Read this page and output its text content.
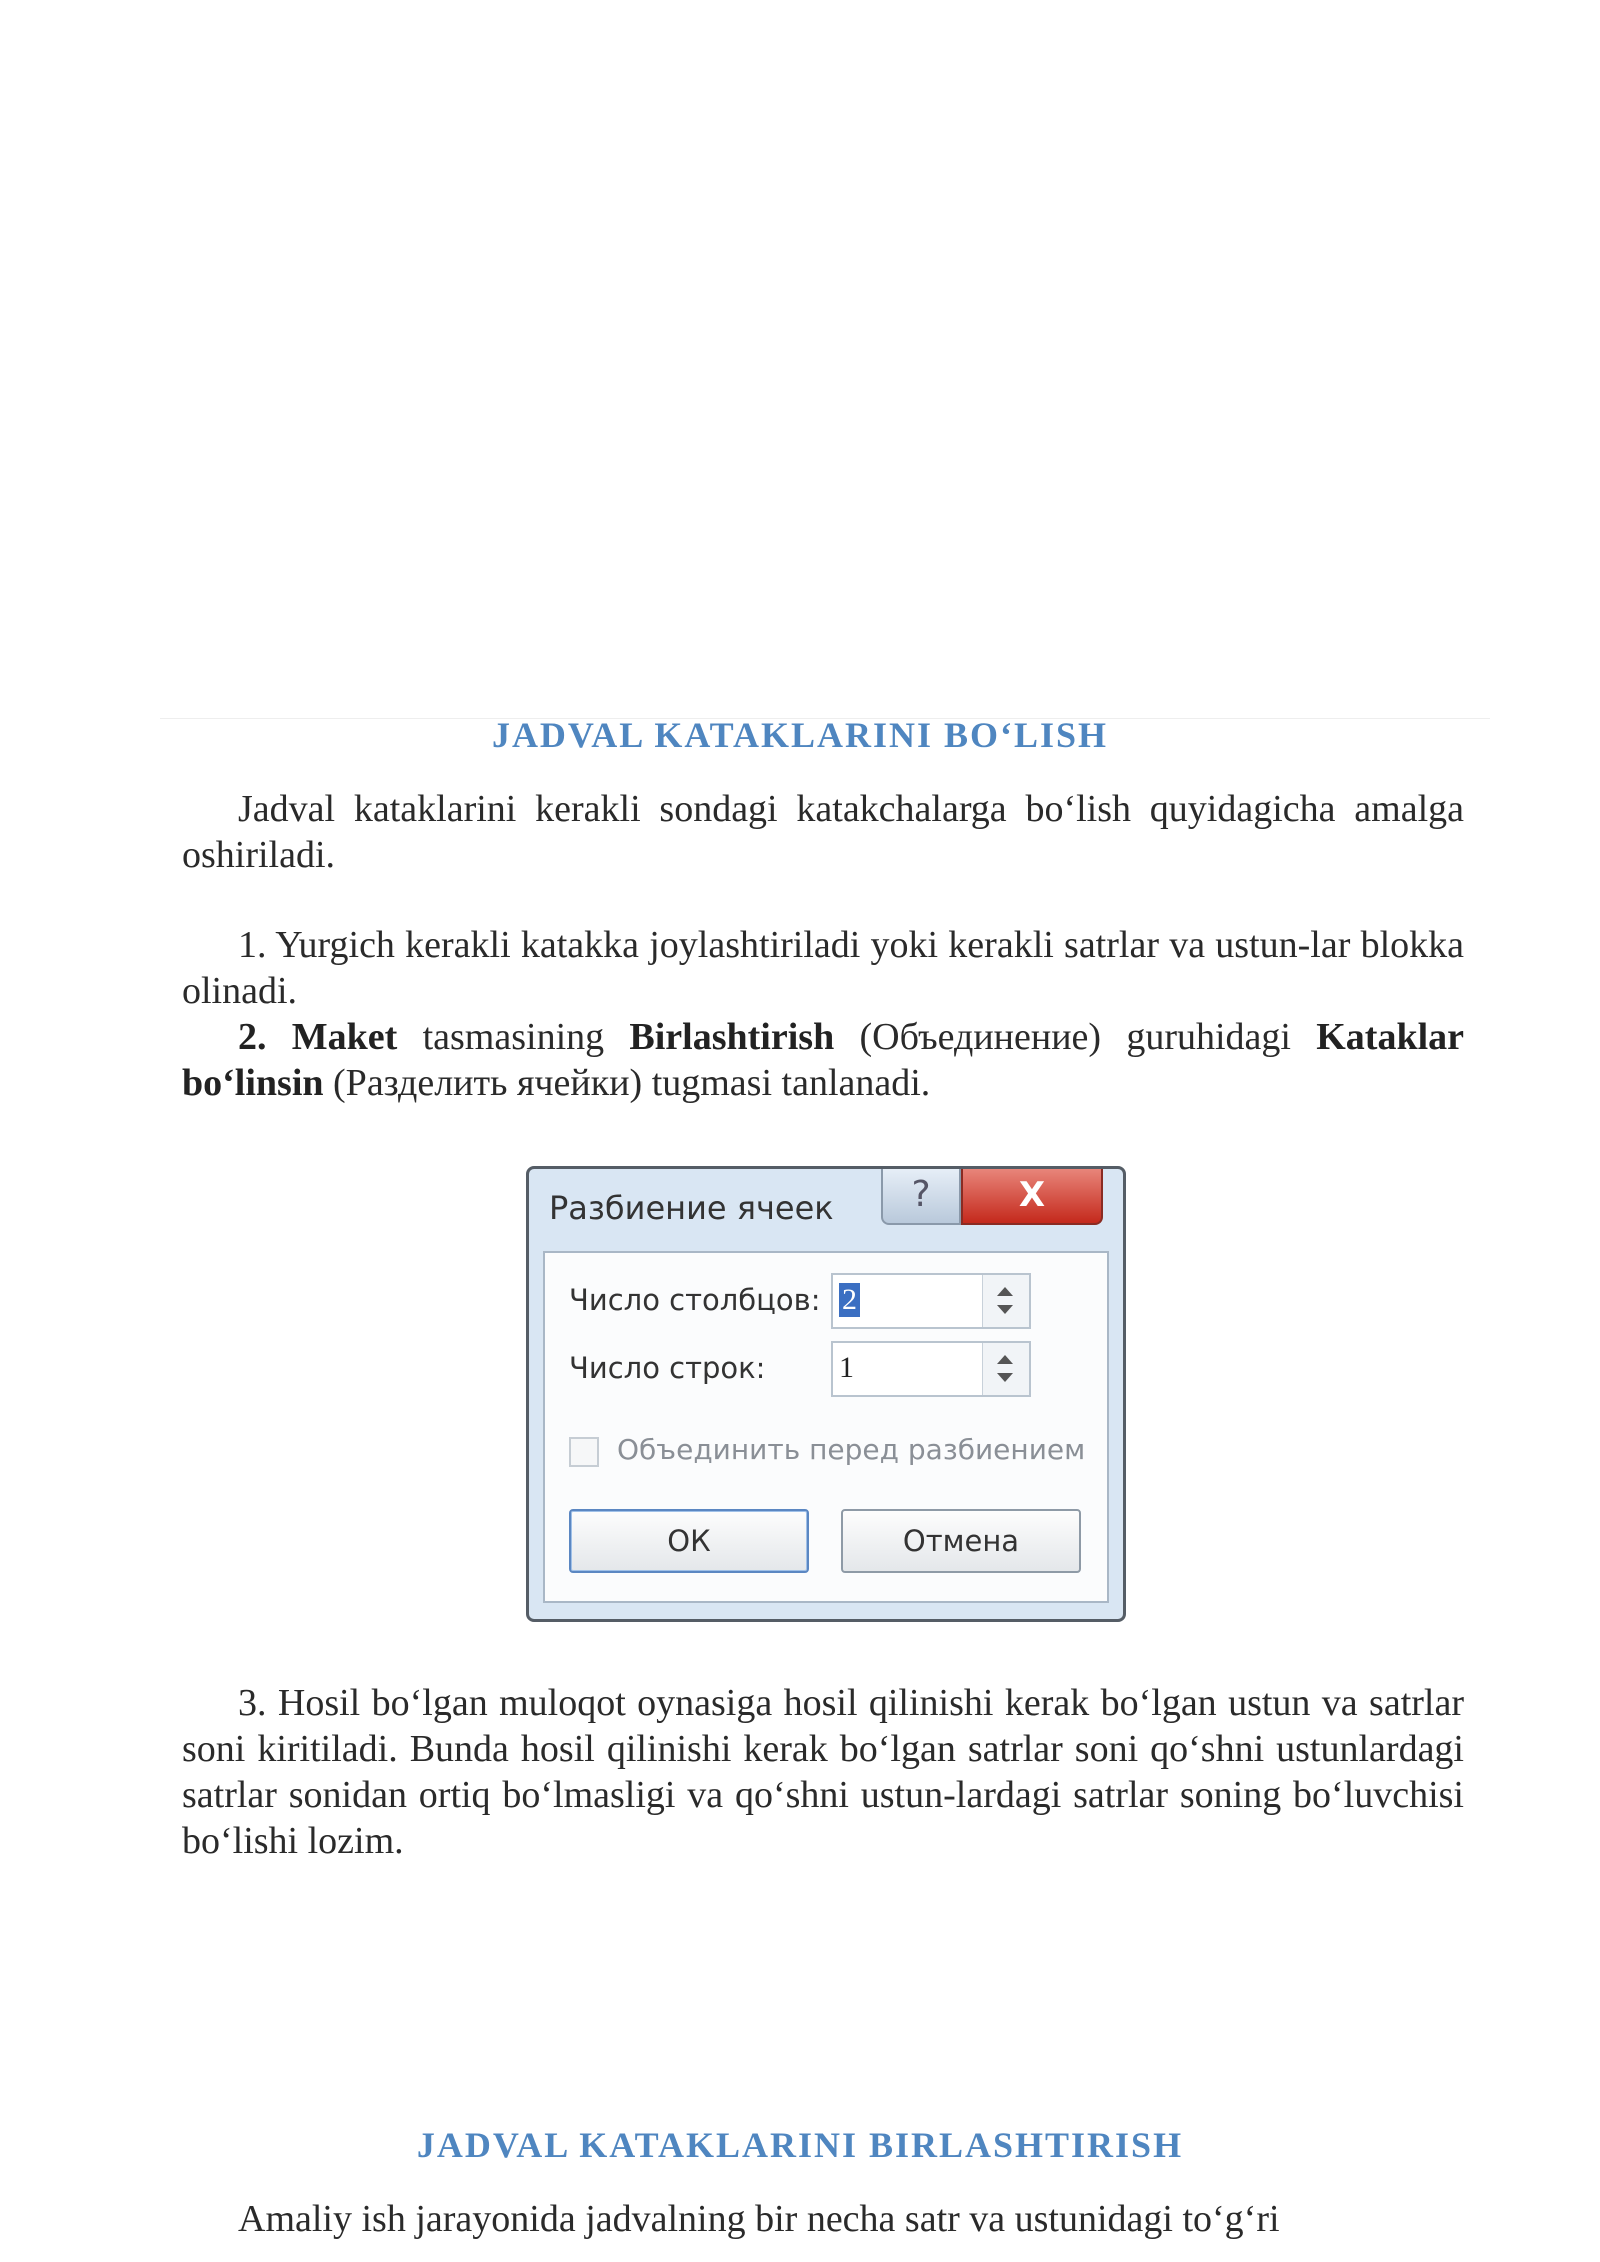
JADVAL KATAKLARINI BO‘LISH
Jadval kataklarini kerakli sondagi katakchalarga bo‘lish quyidagicha amalga oshiriladi.
1. Yurgich kerakli katakka joylashtiriladi yoki kerakli satrlar va ustun-lar blokka olinadi.
2. Maket tasmasining Birlashtirish (Объединение) guruhidagi Kataklar bo‘linsin (Разделить ячейки) tugmasi tanlanadi.
Разбиение ячеек	?	X
Число столбцов: 2
Число строк: 1
Объединить перед разбиением
ОК	Отмена
3. Hosil bo‘lgan muloqot oynasiga hosil qilinishi kerak bo‘lgan ustun va satrlar soni kiritiladi. Bunda hosil qilinishi kerak bo‘lgan satrlar soni qo‘shni ustunlardagi satrlar sonidan ortiq bo‘lmasligi va qo‘shni ustun-lardagi satrlar soning bo‘luvchisi bo‘lishi lozim.
JADVAL KATAKLARINI BIRLASHTIRISH
Amaliy ish jarayonida jadvalning bir necha satr va ustunidagi to‘g‘ri
